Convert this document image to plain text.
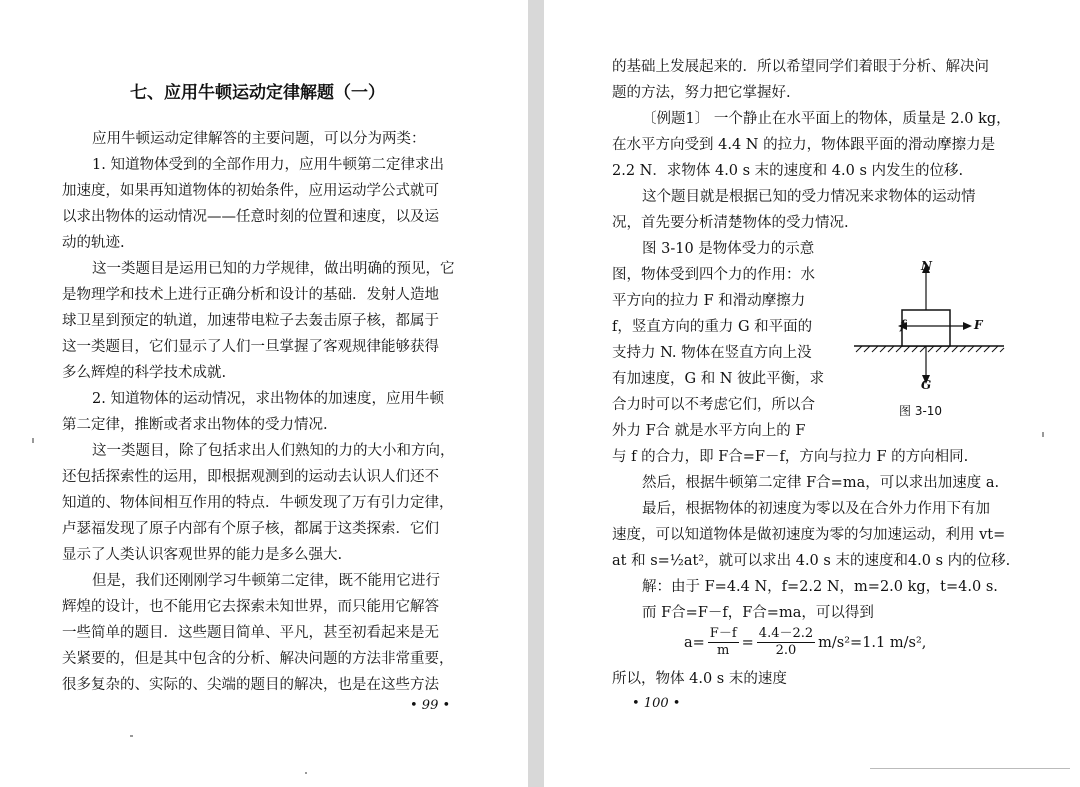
七、应用牛顿运动定律解题（一）
应用牛顿运动定律解答的主要问题，可以分为两类：
1. 知道物体受到的全部作用力，应用牛顿第二定律求出
加速度，如果再知道物体的初始条件，应用运动学公式就可
以求出物体的运动情况——任意时刻的位置和速度，以及运
动的轨迹.
这一类题目是运用已知的力学规律，做出明确的预见，它
是物理学和技术上进行正确分析和设计的基础．发射人造地
球卫星到预定的轨道，加速带电粒子去轰击原子核，都属于
这一类题目，它们显示了人们一旦掌握了客观规律能够获得
多么辉煌的科学技术成就.
2. 知道物体的运动情况，求出物体的加速度，应用牛顿
第二定律，推断或者求出物体的受力情况.
这一类题目，除了包括求出人们熟知的力的大小和方向，
还包括探索性的运用，即根据观测到的运动去认识人们还不
知道的、物体间相互作用的特点．牛顿发现了万有引力定律，
卢瑟福发现了原子内部有个原子核，都属于这类探索．它们
显示了人类认识客观世界的能力是多么强大.
但是，我们还刚刚学习牛顿第二定律，既不能用它进行
辉煌的设计，也不能用它去探索未知世界，而只能用它解答
一些简单的题目．这些题目简单、平凡，甚至初看起来是无
关紧要的，但是其中包含的分析、解决问题的方法非常重要，
很多复杂的、实际的、尖端的题目的解决，也是在这些方法
• 99 •
的基础上发展起来的．所以希望同学们着眼于分析、解决问
题的方法，努力把它掌握好.
〔例题1〕 一个静止在水平面上的物体，质量是 2.0 kg，
在水平方向受到 4.4 N 的拉力，物体跟平面的滑动摩擦力是
2.2 N．求物体 4.0 s 末的速度和 4.0 s 内发生的位移.
这个题目就是根据已知的受力情况来求物体的运动情
况，首先要分析清楚物体的受力情况.
图 3-10 是物体受力的示意
图，物体受到四个力的作用：水
平方向的拉力 F 和滑动摩擦力
f，竖直方向的重力 G 和平面的
支持力 N. 物体在竖直方向上没
有加速度，G 和 N 彼此平衡，求
合力时可以不考虑它们，所以合
外力 F合 就是水平方向上的 F
N
F
f
G
图 3-10
与 f 的合力，即 F合=F－f，方向与拉力 F 的方向相同.
然后，根据牛顿第二定律 F合=ma，可以求出加速度 a.
最后，根据物体的初速度为零以及在合外力作用下有加
速度，可以知道物体是做初速度为零的匀加速运动，利用 vt=
at 和 s=½at²，就可以求出 4.0 s 末的速度和4.0 s 内的位移.
解：由于 F=4.4 N，f=2.2 N，m=2.0 kg，t=4.0 s.
而 F合=F－f，F合=ma，可以得到
$a= \frac{F-f}{m} = \frac{4.4-2.2}{2.0} m/s^2=1.1$ m/s²,
所以，物体 4.0 s 末的速度
• 100 •
